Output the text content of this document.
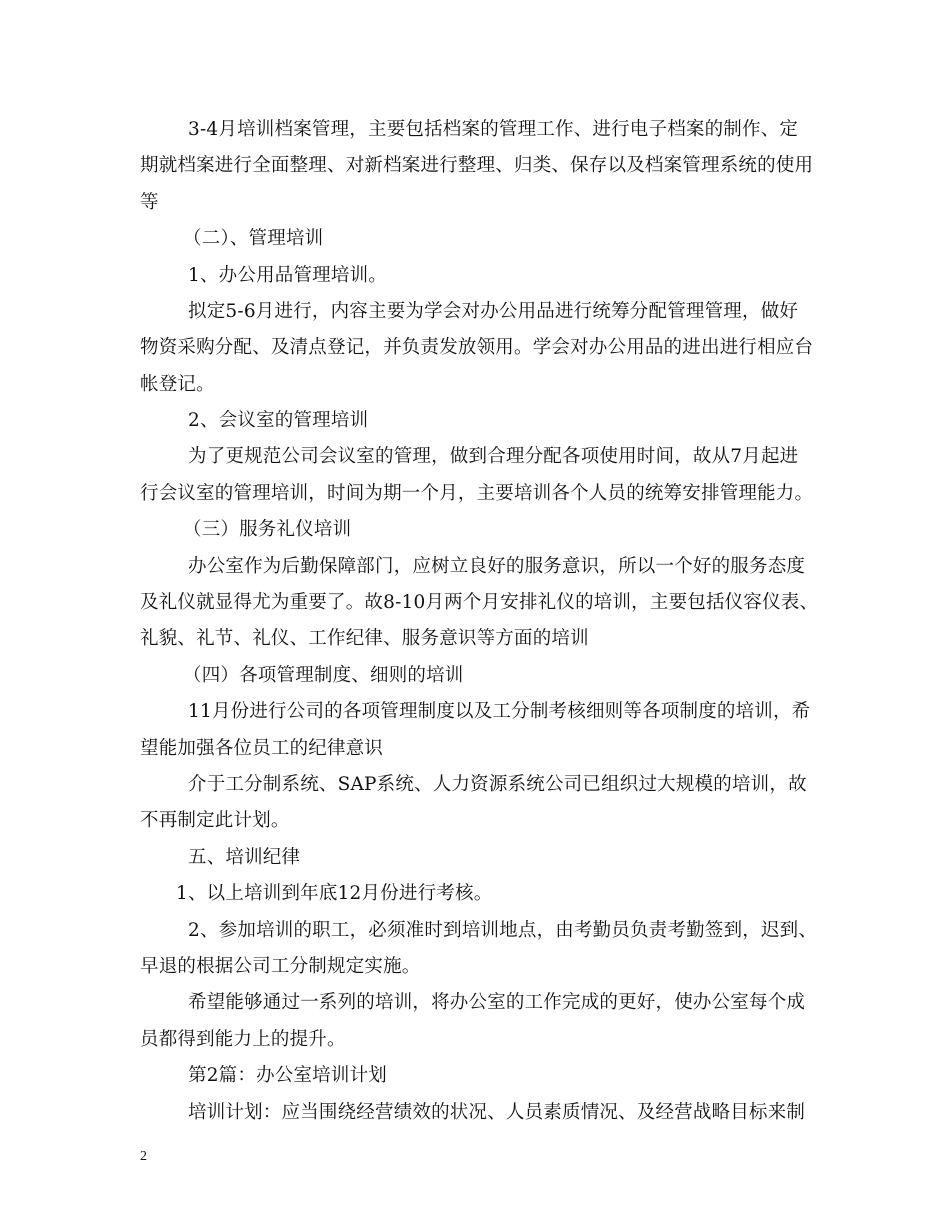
3-4月培训档案管理，主要包括档案的管理工作、进行电子档案的制作、定
期就档案进行全面整理、对新档案进行整理、归类、保存以及档案管理系统的使用
等
（二）、管理培训
1、办公用品管理培训。
拟定5-6月进行，内容主要为学会对办公用品进行统筹分配管理管理，做好
物资采购分配、及清点登记，并负责发放领用。学会对办公用品的进出进行相应台
帐登记。
2、会议室的管理培训
为了更规范公司会议室的管理，做到合理分配各项使用时间，故从7月起进
行会议室的管理培训，时间为期一个月，主要培训各个人员的统筹安排管理能力。
（三）服务礼仪培训
办公室作为后勤保障部门，应树立良好的服务意识，所以一个好的服务态度
及礼仪就显得尤为重要了。故8-10月两个月安排礼仪的培训，主要包括仪容仪表、
礼貌、礼节、礼仪、工作纪律、服务意识等方面的培训
（四）各项管理制度、细则的培训
11月份进行公司的各项管理制度以及工分制考核细则等各项制度的培训，希
望能加强各位员工的纪律意识
介于工分制系统、SAP系统、人力资源系统公司已组织过大规模的培训，故
不再制定此计划。
五、培训纪律
1、以上培训到年底12月份进行考核。
2、参加培训的职工，必须准时到培训地点，由考勤员负责考勤签到，迟到、
早退的根据公司工分制规定实施。
希望能够通过一系列的培训，将办公室的工作完成的更好，使办公室每个成
员都得到能力上的提升。
第2篇：办公室培训计划
培训计划：应当围绕经营绩效的状况、人员素质情况、及经营战略目标来制
2
